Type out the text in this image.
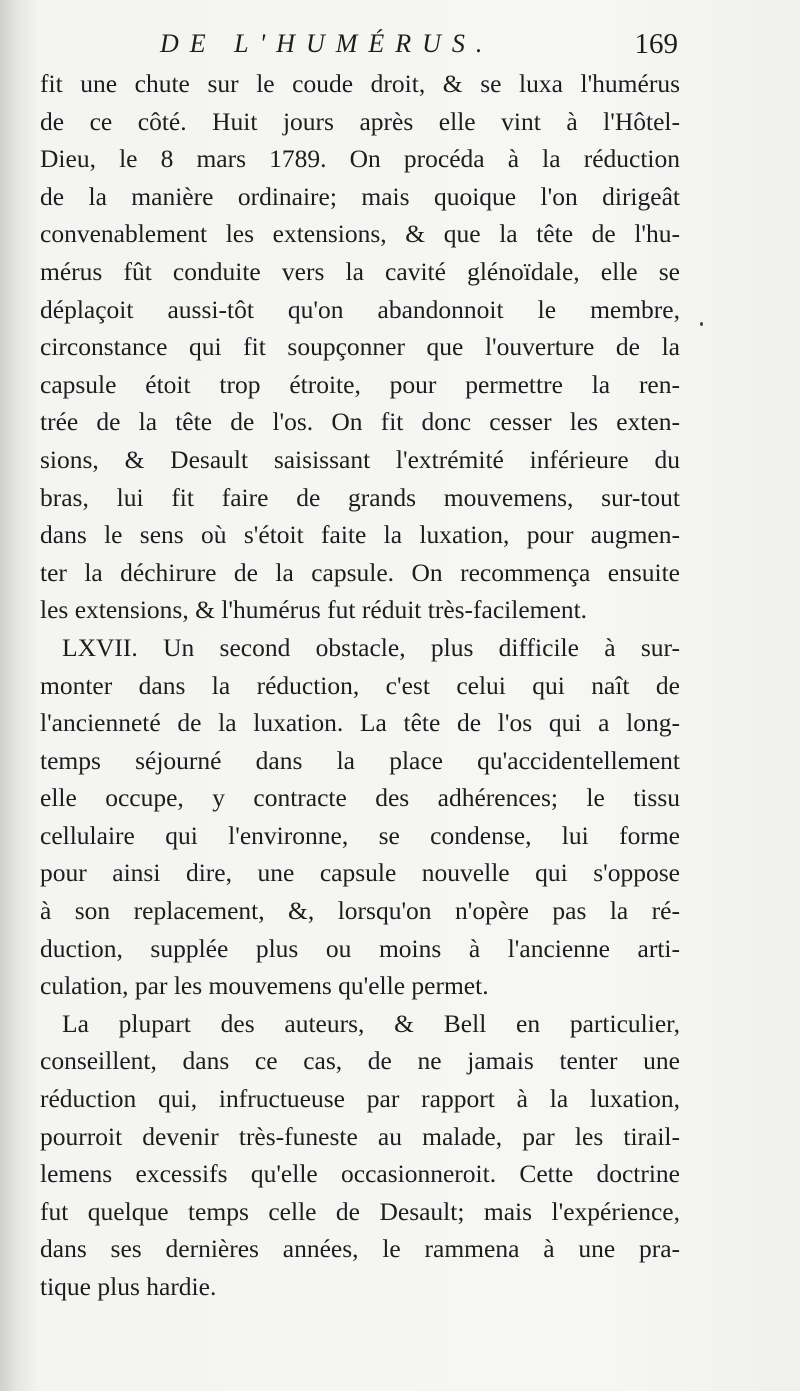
DE L'HUMÉRUS.	169
fit une chute sur le coude droit, & se luxa l'humérus
de ce côté. Huit jours après elle vint à l'Hôtel-
Dieu, le 8 mars 1789. On procéda à la réduction
de la manière ordinaire; mais quoique l'on dirigeât
convenablement les extensions, & que la tête de l'hu-
mérus fût conduite vers la cavité glénoïdale, elle se
déplaçoit aussi-tôt qu'on abandonnoit le membre,
circonstance qui fit soupçonner que l'ouverture de la
capsule étoit trop étroite, pour permettre la ren-
trée de la tête de l'os. On fit donc cesser les exten-
sions, & Desault saisissant l'extrémité inférieure du
bras, lui fit faire de grands mouvemens, sur-tout
dans le sens où s'étoit faite la luxation, pour augmen-
ter la déchirure de la capsule. On recommença ensuite
les extensions, & l'humérus fut réduit très-facilement.
LXVII. Un second obstacle, plus difficile à sur-
monter dans la réduction, c'est celui qui naît de
l'ancienneté de la luxation. La tête de l'os qui a long-
temps séjourné dans la place qu'accidentellement
elle occupe, y contracte des adhérences; le tissu
cellulaire qui l'environne, se condense, lui forme
pour ainsi dire, une capsule nouvelle qui s'oppose
à son replacement, &, lorsqu'on n'opère pas la ré-
duction, supplée plus ou moins à l'ancienne arti-
culation, par les mouvemens qu'elle permet.
La plupart des auteurs, & Bell en particulier,
conseillent, dans ce cas, de ne jamais tenter une
réduction qui, infructueuse par rapport à la luxation,
pourroit devenir très-funeste au malade, par les tirail-
lemens excessifs qu'elle occasionneroit. Cette doctrine
fut quelque temps celle de Desault; mais l'expérience,
dans ses dernières années, le rammena à une pra-
tique plus hardie.
